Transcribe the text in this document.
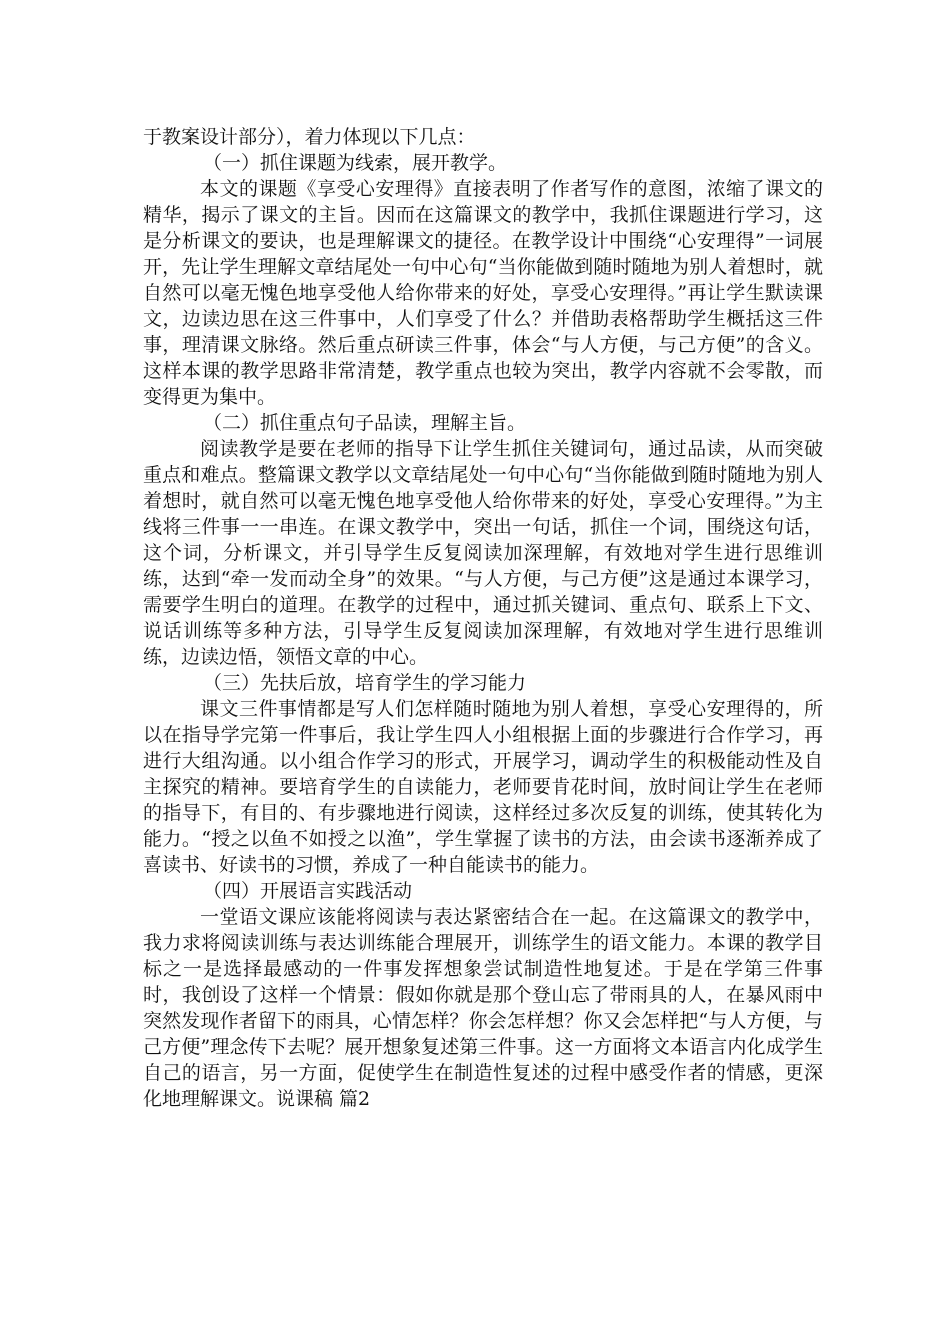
于教案设计部分），着力体现以下几点：

（一）抓住课题为线索，展开教学。

本文的课题《享受心安理得》直接表明了作者写作的意图，浓缩了课文的精华，揭示了课文的主旨。因而在这篇课文的教学中，我抓住课题进行学习，这是分析课文的要诀，也是理解课文的捷径。在教学设计中围绕“心安理得”一词展开，先让学生理解文章结尾处一句中心句“当你能做到随时随地为别人着想时，就自然可以毫无愧色地享受他人给你带来的好处，享受心安理得。”再让学生默读课文，边读边思在这三件事中，人们享受了什么？并借助表格帮助学生概括这三件事，理清课文脉络。然后重点研读三件事，体会“与人方便，与己方便”的含义。这样本课的教学思路非常清楚，教学重点也较为突出，教学内容就不会零散，而变得更为集中。

（二）抓住重点句子品读，理解主旨。

阅读教学是要在老师的指导下让学生抓住关键词句，通过品读，从而突破重点和难点。整篇课文教学以文章结尾处一句中心句“当你能做到随时随地为别人着想时，就自然可以毫无愧色地享受他人给你带来的好处，享受心安理得。”为主线将三件事一一串连。在课文教学中，突出一句话，抓住一个词，围绕这句话，这个词，分析课文，并引导学生反复阅读加深理解，有效地对学生进行思维训练，达到“牵一发而动全身”的效果。“与人方便，与己方便”这是通过本课学习，需要学生明白的道理。在教学的过程中，通过抓关键词、重点句、联系上下文、说话训练等多种方法，引导学生反复阅读加深理解，有效地对学生进行思维训练，边读边悟，领悟文章的中心。

（三）先扶后放，培育学生的学习能力

课文三件事情都是写人们怎样随时随地为别人着想，享受心安理得的，所以在指导学完第一件事后，我让学生四人小组根据上面的步骤进行合作学习，再进行大组沟通。以小组合作学习的形式，开展学习，调动学生的积极能动性及自主探究的精神。要培育学生的自读能力，老师要肯花时间，放时间让学生在老师的指导下，有目的、有步骤地进行阅读，这样经过多次反复的训练，使其转化为能力。“授之以鱼不如授之以渔”，学生掌握了读书的方法，由会读书逐渐养成了喜读书、好读书的习惯，养成了一种自能读书的能力。

（四）开展语言实践活动

一堂语文课应该能将阅读与表达紧密结合在一起。在这篇课文的教学中，我力求将阅读训练与表达训练能合理展开，训练学生的语文能力。本课的教学目标之一是选择最感动的一件事发挥想象尝试制造性地复述。于是在学第三件事时，我创设了这样一个情景：假如你就是那个登山忘了带雨具的人，在暴风雨中突然发现作者留下的雨具，心情怎样？你会怎样想？你又会怎样把“与人方便，与己方便”理念传下去呢？展开想象复述第三件事。这一方面将文本语言内化成学生自己的语言，另一方面，促使学生在制造性复述的过程中感受作者的情感，更深化地理解课文。说课稿 篇2
